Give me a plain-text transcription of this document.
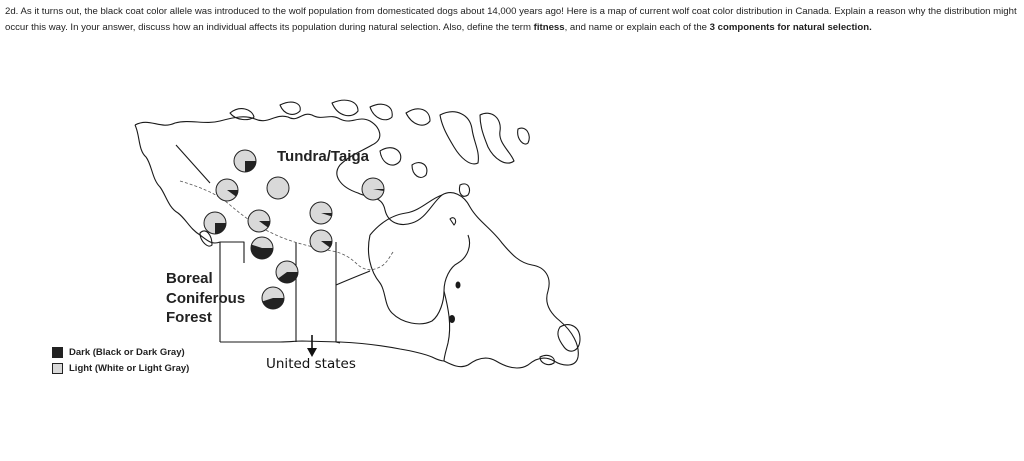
2d. As it turns out, the black coat color allele was introduced to the wolf population from domesticated dogs about 14,000 years ago! Here is a map of current wolf coat color distribution in Canada. Explain a reason why the distribution might occur this way. In your answer, discuss how an individual affects its population during natural selection. Also, define the term fitness, and name or explain each of the 3 components for natural selection.
Tundra/Taiga
Boreal
Coniferous
Forest
United states
Dark (Black or Dark Gray)
Light (White or Light Gray)
